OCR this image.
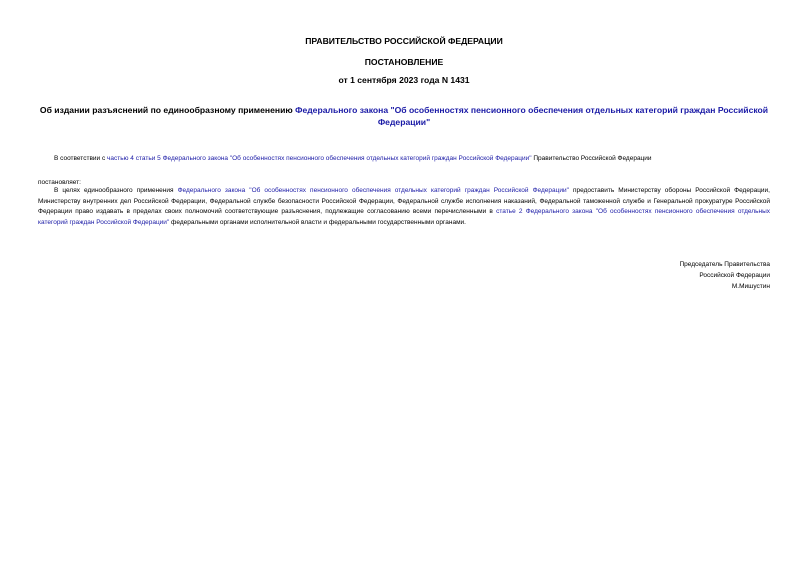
ПРАВИТЕЛЬСТВО РОССИЙСКОЙ ФЕДЕРАЦИИ
ПОСТАНОВЛЕНИЕ
от 1 сентября 2023 года N 1431
Об издании разъяснений по единообразному применению Федерального закона "Об особенностях пенсионного обеспечения отдельных категорий граждан Российской Федерации"
В соответствии с частью 4 статьи 5 Федерального закона "Об особенностях пенсионного обеспечения отдельных категорий граждан Российской Федерации" Правительство Российской Федерации
постановляет:
В целях единообразного применения Федерального закона "Об особенностях пенсионного обеспечения отдельных категорий граждан Российской Федерации" предоставить Министерству обороны Российской Федерации, Министерству внутренних дел Российской Федерации, Федеральной службе безопасности Российской Федерации, Федеральной службе исполнения наказаний, Федеральной таможенной службе и Генеральной прокуратуре Российской Федерации право издавать в пределах своих полномочий соответствующие разъяснения, подлежащие согласованию всеми перечисленными в статье 2 Федерального закона "Об особенностях пенсионного обеспечения отдельных категорий граждан Российской Федерации" федеральными органами исполнительной власти и федеральными государственными органами.
Председатель Правительства
Российской Федерации
М.Мишустин
